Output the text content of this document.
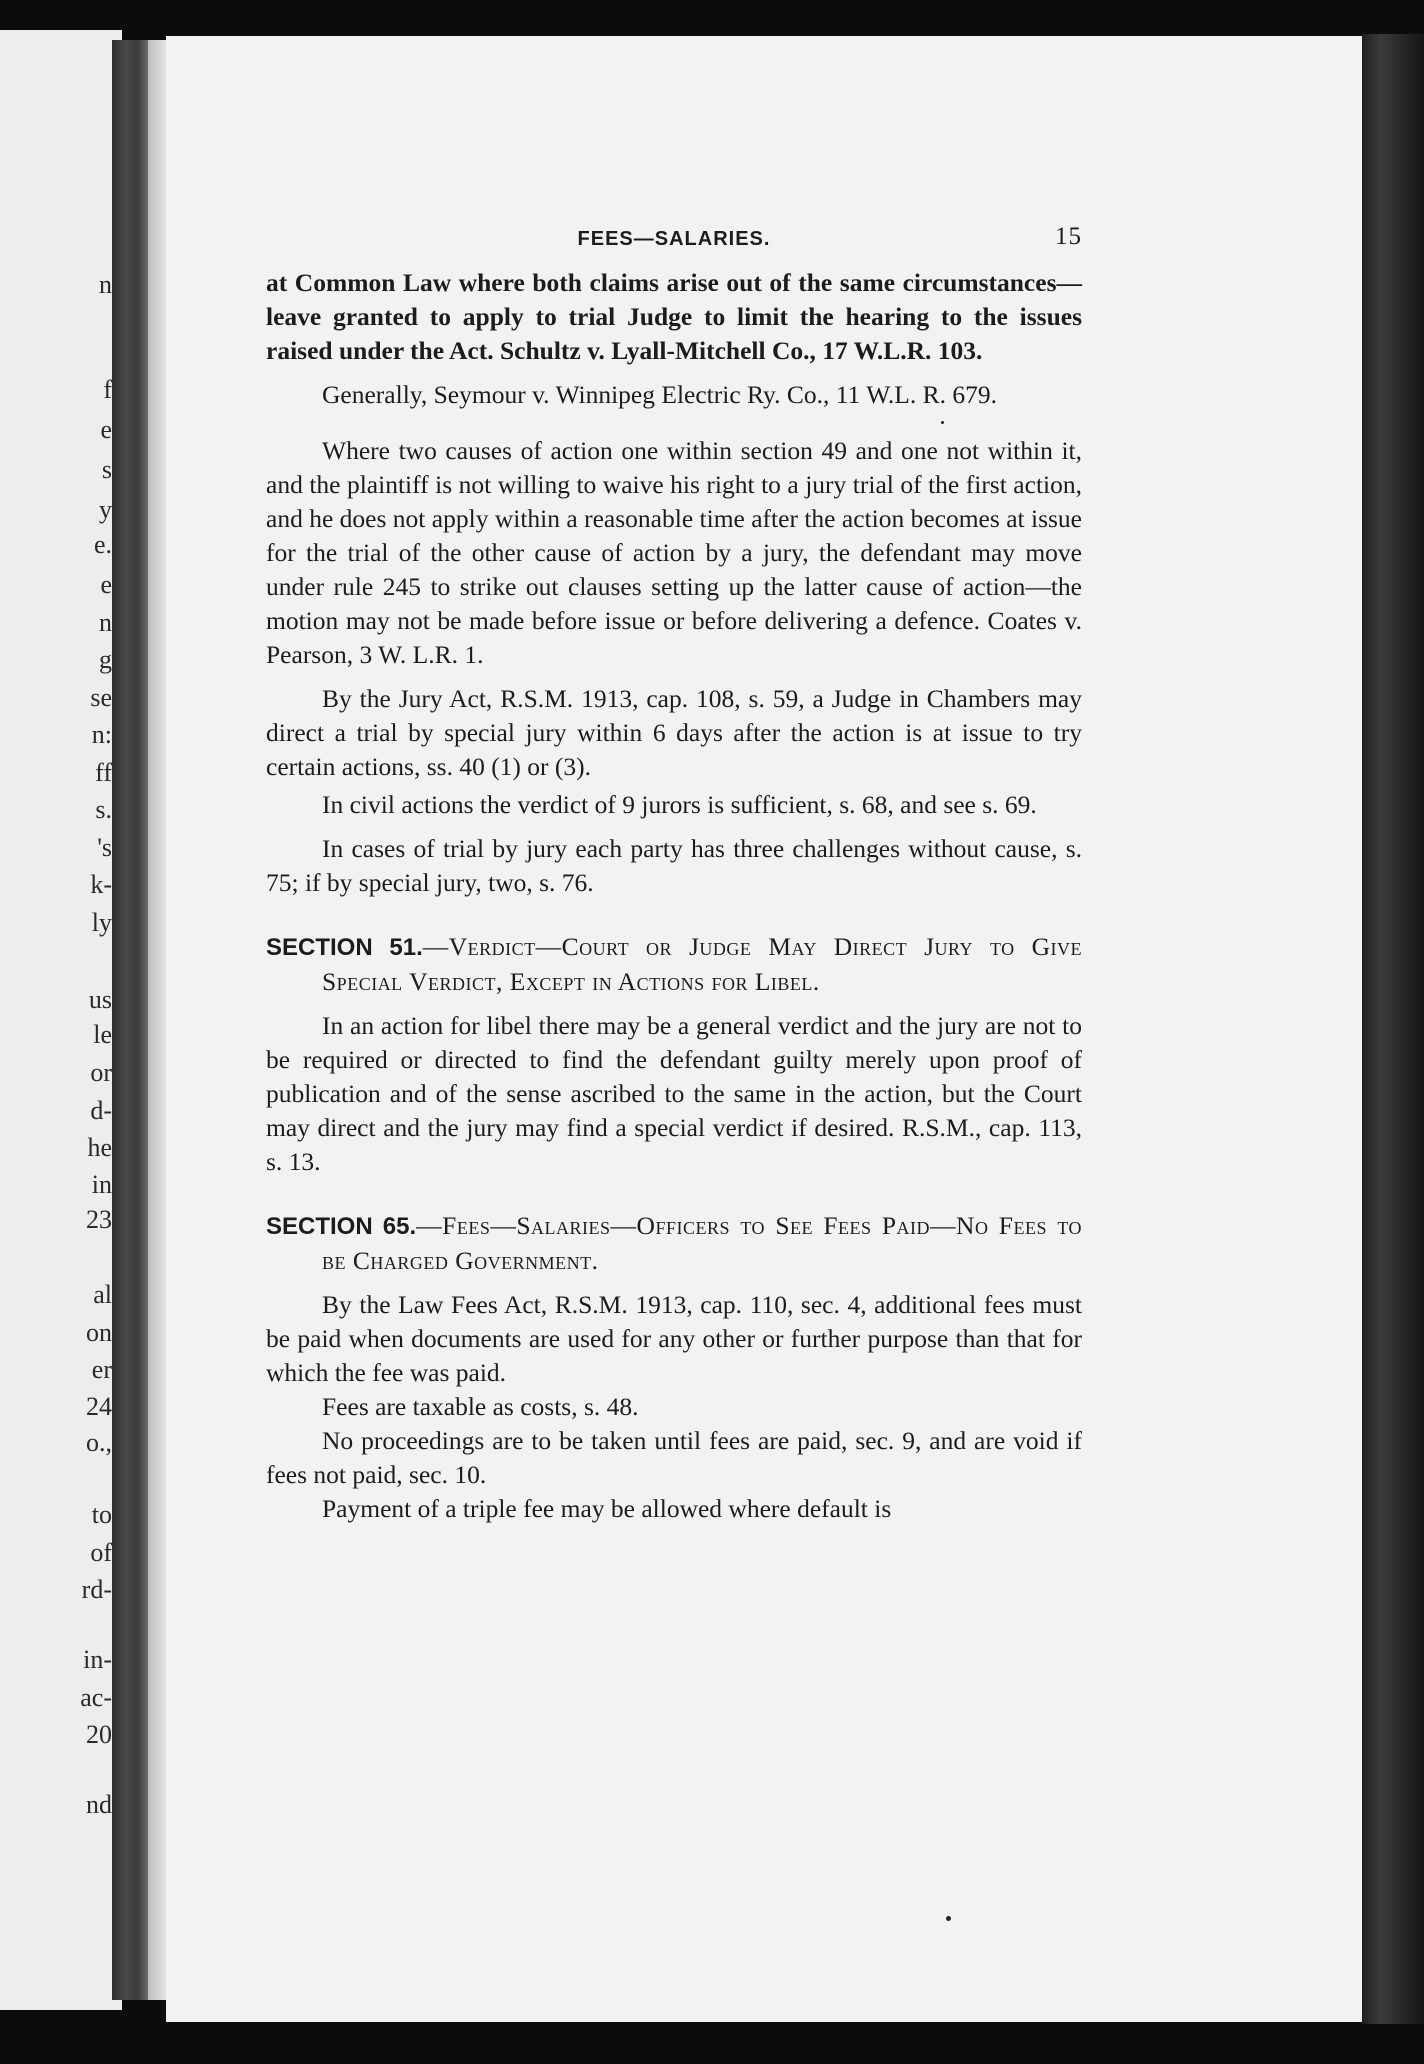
n
f
e
s
y
e.
e
n
g
se
n:
ff
s.
's
k-
ly
us
le
or
d-
he
in
23
al
on
er
24
o.,
to
of
rd-
in-
ac-
20
nd
FEES—SALARIES.	15

at Common Law where both claims arise out of the same circumstances—leave granted to apply to trial Judge to limit the hearing to the issues raised under the Act. Schultz v. Lyall-Mitchell Co., 17 W.L.R. 103.

Generally, Seymour v. Winnipeg Electric Ry. Co., 11 W.L. R. 679.

Where two causes of action one within section 49 and one not within it, and the plaintiff is not willing to waive his right to a jury trial of the first action, and he does not apply within a reasonable time after the action becomes at issue for the trial of the other cause of action by a jury, the defendant may move under rule 245 to strike out clauses setting up the latter cause of action—the motion may not be made before issue or before delivering a defence. Coates v. Pearson, 3 W. L.R. 1.

By the Jury Act, R.S.M. 1913, cap. 108, s. 59, a Judge in Chambers may direct a trial by special jury within 6 days after the action is at issue to try certain actions, ss. 40 (1) or (3).

In civil actions the verdict of 9 jurors is sufficient, s. 68, and see s. 69.

In cases of trial by jury each party has three challenges without cause, s. 75; if by special jury, two, s. 76.

SECTION 51.—Verdict—Court or Judge May Direct Jury to Give Special Verdict, Except in Actions for Libel.

In an action for libel there may be a general verdict and the jury are not to be required or directed to find the defendant guilty merely upon proof of publication and of the sense ascribed to the same in the action, but the Court may direct and the jury may find a special verdict if desired. R.S.M., cap. 113, s. 13.

SECTION 65.—Fees—Salaries—Officers to See Fees Paid—No Fees to be Charged Government.

By the Law Fees Act, R.S.M. 1913, cap. 110, sec. 4, additional fees must be paid when documents are used for any other or further purpose than that for which the fee was paid.

Fees are taxable as costs, s. 48.

No proceedings are to be taken until fees are paid, sec. 9, and are void if fees not paid, sec. 10.

Payment of a triple fee may be allowed where default is
